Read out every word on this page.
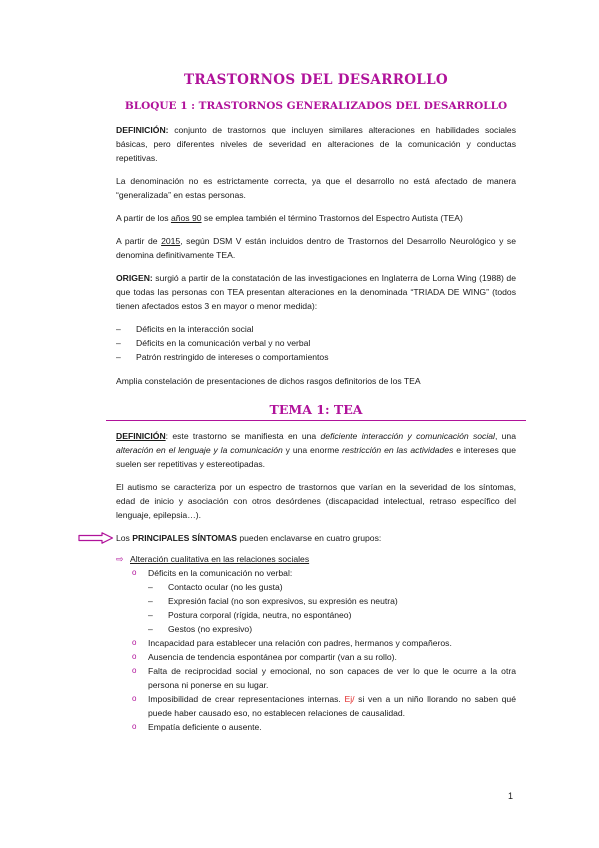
TRASTORNOS DEL DESARROLLO
BLOQUE 1 : TRASTORNOS GENERALIZADOS DEL DESARROLLO

DEFINICIÓN: conjunto de trastornos que incluyen similares alteraciones en habilidades sociales básicas, pero diferentes niveles de severidad en alteraciones de la comunicación y conductas repetitivas.

La denominación no es estrictamente correcta, ya que el desarrollo no está afectado de manera “generalizada” en estas personas.

A partir de los años 90 se emplea también el término Trastornos del Espectro Autista (TEA)

A partir de 2015, según DSM V están incluidos dentro de Trastornos del Desarrollo Neurológico y se denomina definitivamente TEA.

ORIGEN: surgió a partir de la constatación de las investigaciones en Inglaterra de Lorna Wing (1988) de que todas las personas con TEA presentan alteraciones en la denominada “TRIADA DE WING” (todos tienen afectados estos 3 en mayor o menor medida):

– Déficits en la interacción social
– Déficits en la comunicación verbal y no verbal
– Patrón restringido de intereses o comportamientos

Amplia constelación de presentaciones de dichos rasgos definitorios de los TEA

TEMA 1: TEA

DEFINICIÓN: este trastorno se manifiesta en una deficiente interacción y comunicación social, una alteración en el lenguaje y la comunicación y una enorme restricción en las actividades e intereses que suelen ser repetitivas y estereotipadas.

El autismo se caracteriza por un espectro de trastornos que varían en la severidad de los síntomas, edad de inicio y asociación con otros desórdenes (discapacidad intelectual, retraso específico del lenguaje, epilepsia…).

Los PRINCIPALES SÍNTOMAS pueden enclavarse en cuatro grupos:

⇨ Alteración cualitativa en las relaciones sociales

o Déficits en la comunicación no verbal:
– Contacto ocular (no les gusta)
– Expresión facial (no son expresivos, su expresión es neutra)
– Postura corporal (rígida, neutra, no espontáneo)
– Gestos (no expresivo)
o Incapacidad para establecer una relación con padres, hermanos y compañeros.
o Ausencia de tendencia espontánea por compartir (van a su rollo).
o Falta de reciprocidad social y emocional, no son capaces de ver lo que le ocurre a la otra persona ni ponerse en su lugar.
o Imposibilidad de crear representaciones internas. Ej/ si ven a un niño llorando no saben qué puede haber causado eso, no establecen relaciones de causalidad.
o Empatía deficiente o ausente.
1
